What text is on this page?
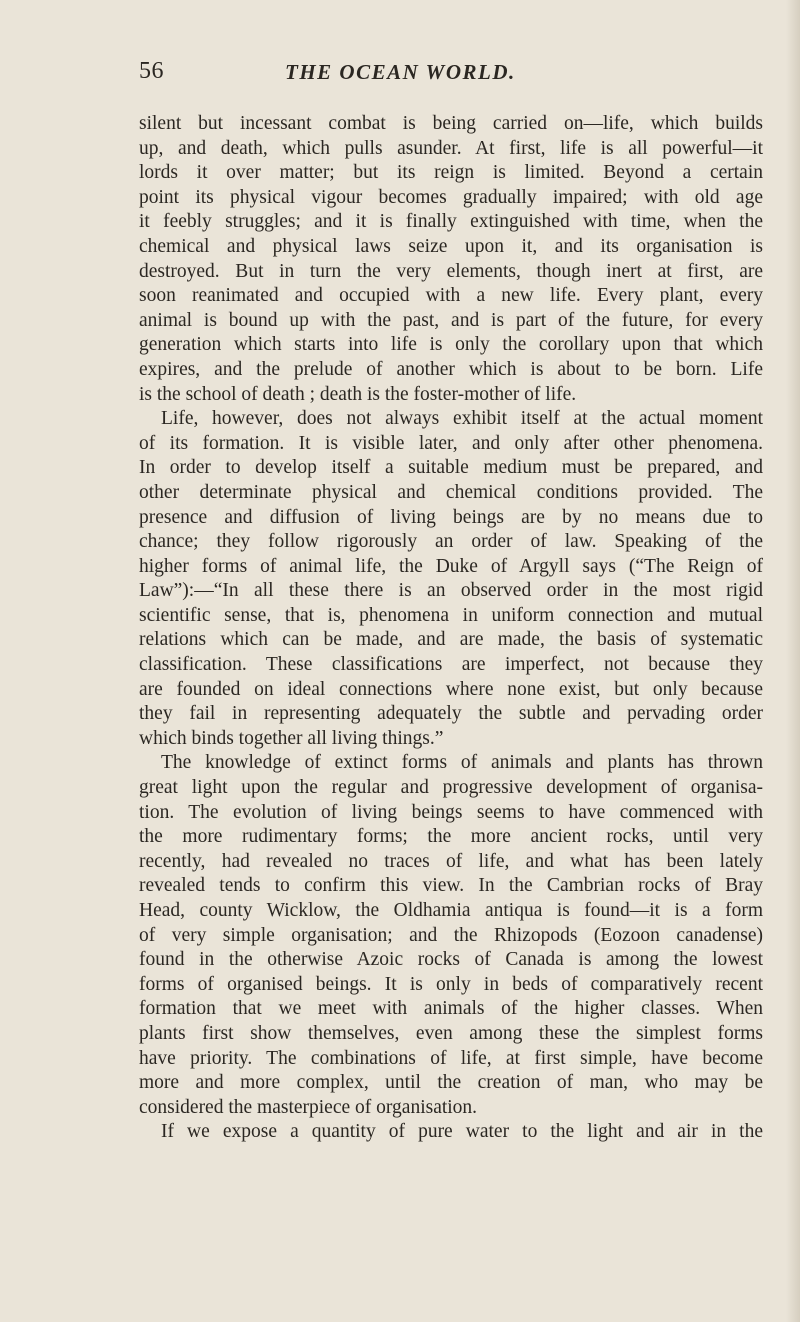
56	THE OCEAN WORLD.

silent but incessant combat is being carried on—life, which builds
up, and death, which pulls asunder. At first, life is all powerful—it
lords it over matter; but its reign is limited. Beyond a certain
point its physical vigour becomes gradually impaired; with old age
it feebly struggles; and it is finally extinguished with time, when the
chemical and physical laws seize upon it, and its organisation is
destroyed. But in turn the very elements, though inert at first, are
soon reanimated and occupied with a new life. Every plant, every
animal is bound up with the past, and is part of the future, for every
generation which starts into life is only the corollary upon that which
expires, and the prelude of another which is about to be born. Life
is the school of death ; death is the foster-mother of life.

Life, however, does not always exhibit itself at the actual moment
of its formation. It is visible later, and only after other phenomena.
In order to develop itself a suitable medium must be prepared, and
other determinate physical and chemical conditions provided. The
presence and diffusion of living beings are by no means due to
chance; they follow rigorously an order of law. Speaking of the
higher forms of animal life, the Duke of Argyll says (“The Reign of
Law”):—“In all these there is an observed order in the most rigid
scientific sense, that is, phenomena in uniform connection and mutual
relations which can be made, and are made, the basis of systematic
classification. These classifications are imperfect, not because they
are founded on ideal connections where none exist, but only because
they fail in representing adequately the subtle and pervading order
which binds together all living things.”

The knowledge of extinct forms of animals and plants has thrown
great light upon the regular and progressive development of organisa-
tion. The evolution of living beings seems to have commenced with
the more rudimentary forms; the more ancient rocks, until very
recently, had revealed no traces of life, and what has been lately
revealed tends to confirm this view. In the Cambrian rocks of Bray
Head, county Wicklow, the Oldhamia antiqua is found—it is a form
of very simple organisation; and the Rhizopods (Eozoon canadense)
found in the otherwise Azoic rocks of Canada is among the lowest
forms of organised beings. It is only in beds of comparatively recent
formation that we meet with animals of the higher classes. When
plants first show themselves, even among these the simplest forms
have priority. The combinations of life, at first simple, have become
more and more complex, until the creation of man, who may be
considered the masterpiece of organisation.

If we expose a quantity of pure water to the light and air in the
